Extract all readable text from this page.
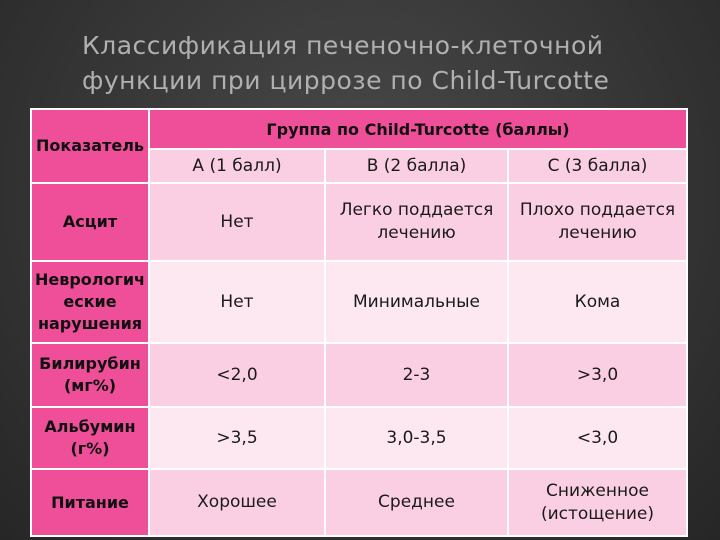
Классификация печеночно-клеточной
функции при циррозе по Child-Turcotte
Показатель	Группа по Child-Turcotte (баллы)		
	А (1 балл)	В (2 балла)	С (3 балла)
Асцит	Нет	Легко поддается лечению	Плохо поддается лечению
Неврологич еские нарушения	Нет	Минимальные	Кома
Билирубин (мг%)	<2,0	2-3	>3,0
Альбумин (г%)	>3,5	3,0-3,5	<3,0
Питание	Хорошее	Среднее	Сниженное (истощение)
